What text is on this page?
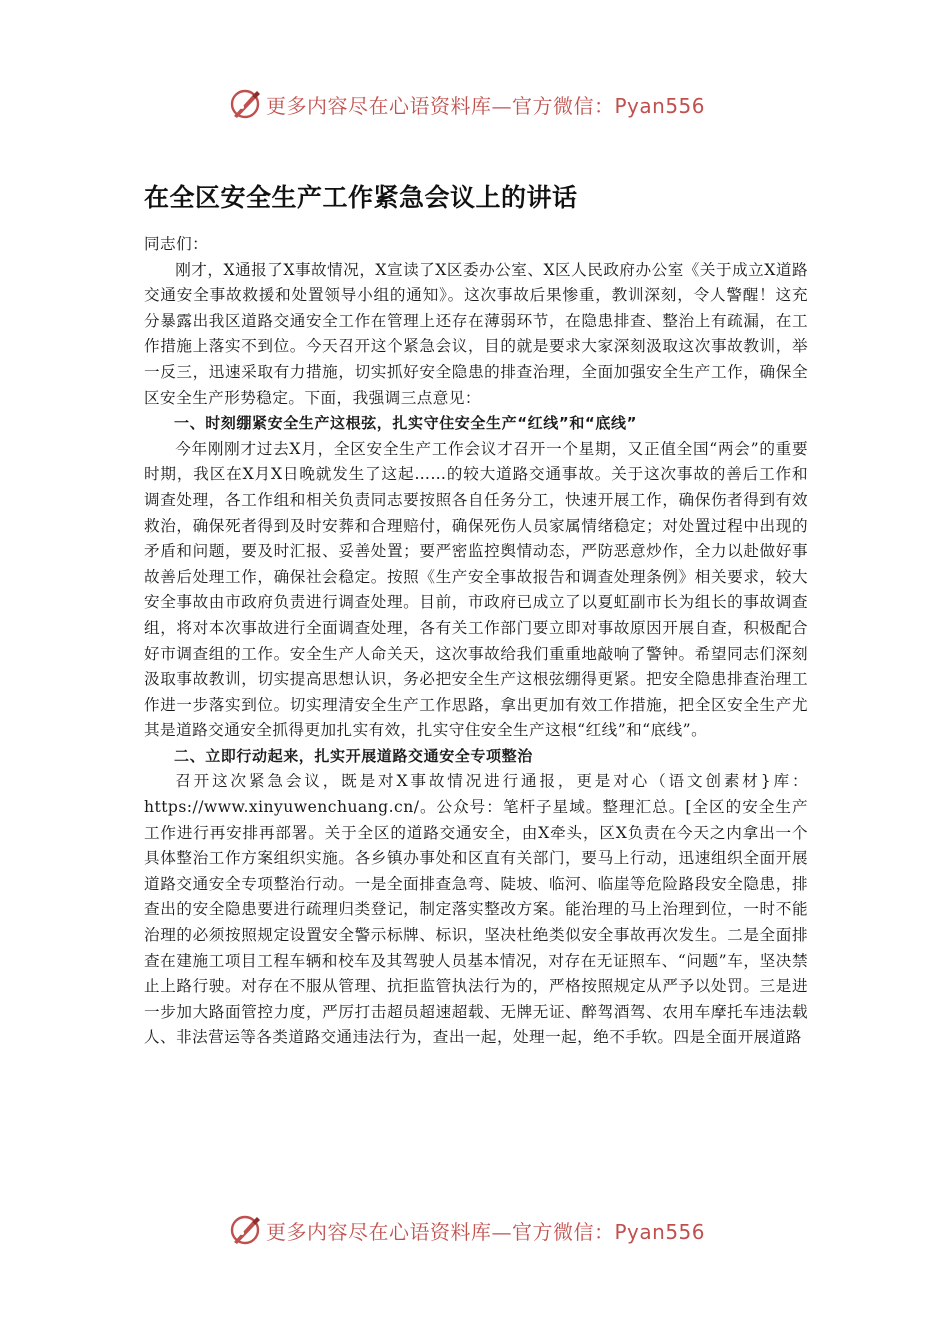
更多内容尽在心语资料库—官方微信：Pyan556
在全区安全生产工作紧急会议上的讲话

同志们：

刚才，X通报了X事故情况，X宣读了X区委办公室、X区人民政府办公室《关于成立X道路交通安全事故救援和处置领导小组的通知》。这次事故后果惨重，教训深刻，令人警醒！这充分暴露出我区道路交通安全工作在管理上还存在薄弱环节，在隐患排查、整治上有疏漏，在工作措施上落实不到位。今天召开这个紧急会议，目的就是要求大家深刻汲取这次事故教训，举一反三，迅速采取有力措施，切实抓好安全隐患的排查治理，全面加强安全生产工作，确保全区安全生产形势稳定。下面，我强调三点意见：

一、时刻绷紧安全生产这根弦，扎实守住安全生产“红线”和“底线”

今年刚刚才过去X月，全区安全生产工作会议才召开一个星期，又正值全国“两会”的重要时期，我区在X月X日晚就发生了这起……的较大道路交通事故。关于这次事故的善后工作和调查处理，各工作组和相关负责同志要按照各自任务分工，快速开展工作，确保伤者得到有效救治，确保死者得到及时安葬和合理赔付，确保死伤人员家属情绪稳定；对处置过程中出现的矛盾和问题，要及时汇报、妥善处置；要严密监控舆情动态，严防恶意炒作，全力以赴做好事故善后处理工作，确保社会稳定。按照《生产安全事故报告和调查处理条例》相关要求，较大安全事故由市政府负责进行调查处理。目前，市政府已成立了以夏虹副市长为组长的事故调查组，将对本次事故进行全面调查处理，各有关工作部门要立即对事故原因开展自查，积极配合好市调查组的工作。安全生产人命关天，这次事故给我们重重地敲响了警钟。希望同志们深刻汲取事故教训，切实提高思想认识，务必把安全生产这根弦绷得更紧。把安全隐患排查治理工作进一步落实到位。切实理清安全生产工作思路，拿出更加有效工作措施，把全区安全生产尤其是道路交通安全抓得更加扎实有效，扎实守住安全生产这根“红线”和“底线”。

二、立即行动起来，扎实开展道路交通安全专项整治

召开这次紧急会议，既是对X事故情况进行通报，更是对心（语文创素材}库：https://www.xinyuwenchuang.cn/。公众号：笔杆子星域。整理汇总。[全区的安全生产工作进行再安排再部署。关于全区的道路交通安全，由X牵头，区X负责在今天之内拿出一个具体整治工作方案组织实施。各乡镇办事处和区直有关部门，要马上行动，迅速组织全面开展道路交通安全专项整治行动。一是全面排查急弯、陡坡、临河、临崖等危险路段安全隐患，排查出的安全隐患要进行疏理归类登记，制定落实整改方案。能治理的马上治理到位，一时不能治理的必须按照规定设置安全警示标牌、标识，坚决杜绝类似安全事故再次发生。二是全面排查在建施工项目工程车辆和校车及其驾驶人员基本情况，对存在无证照车、“问题”车，坚决禁止上路行驶。对存在不服从管理、抗拒监管执法行为的，严格按照规定从严予以处罚。三是进一步加大路面管控力度，严厉打击超员超速超载、无牌无证、醉驾酒驾、农用车摩托车违法载人、非法营运等各类道路交通违法行为，查出一起，处理一起，绝不手软。四是全面开展道路

更多内容尽在心语资料库—官方微信：Pyan556
